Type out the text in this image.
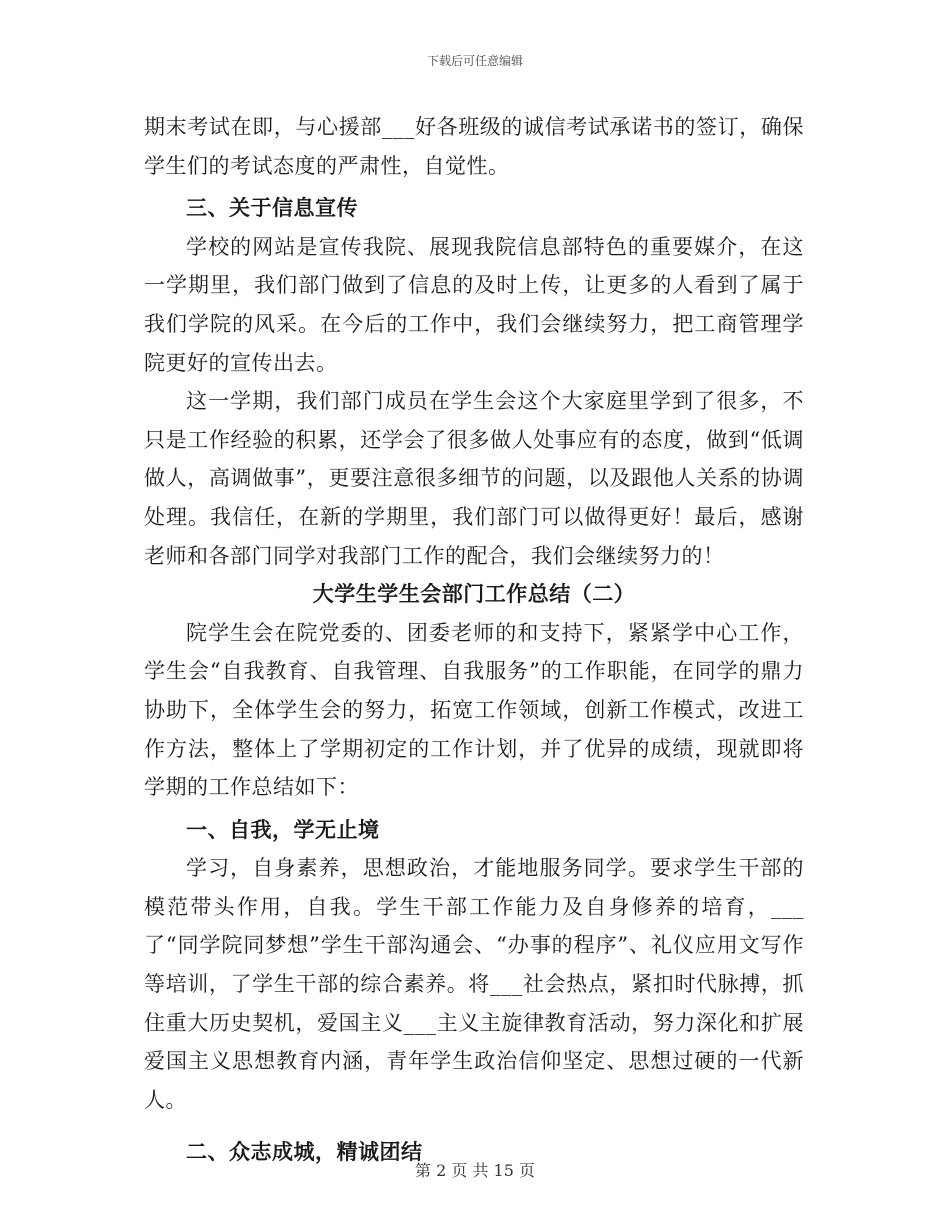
下载后可任意编辑

期末考试在即，与心援部___好各班级的诚信考试承诺书的签订，确保学生们的考试态度的严肃性，自觉性。

三、关于信息宣传

学校的网站是宣传我院、展现我院信息部特色的重要媒介，在这一学期里，我们部门做到了信息的及时上传，让更多的人看到了属于我们学院的风采。在今后的工作中，我们会继续努力，把工商管理学院更好的宣传出去。

这一学期，我们部门成员在学生会这个大家庭里学到了很多，不只是工作经验的积累，还学会了很多做人处事应有的态度，做到“低调做人，高调做事”，更要注意很多细节的问题，以及跟他人关系的协调处理。我信任，在新的学期里，我们部门可以做得更好！最后，感谢老师和各部门同学对我部门工作的配合，我们会继续努力的！

大学生学生会部门工作总结（二）

院学生会在院党委的、团委老师的和支持下，紧紧学中心工作，学生会“自我教育、自我管理、自我服务”的工作职能，在同学的鼎力协助下，全体学生会的努力，拓宽工作领域，创新工作模式，改进工作方法，整体上了学期初定的工作计划，并了优异的成绩，现就即将学期的工作总结如下：

一、自我，学无止境

学习，自身素养，思想政治，才能地服务同学。要求学生干部的模范带头作用，自我。学生干部工作能力及自身修养的培育，___了“同学院同梦想”学生干部沟通会、“办事的程序”、礼仪应用文写作等培训，了学生干部的综合素养。将___社会热点，紧扣时代脉搏，抓住重大历史契机，爱国主义___主义主旋律教育活动，努力深化和扩展爱国主义思想教育内涵，青年学生政治信仰坚定、思想过硬的一代新人。

二、众志成城，精诚团结

第 2 页 共 15 页
